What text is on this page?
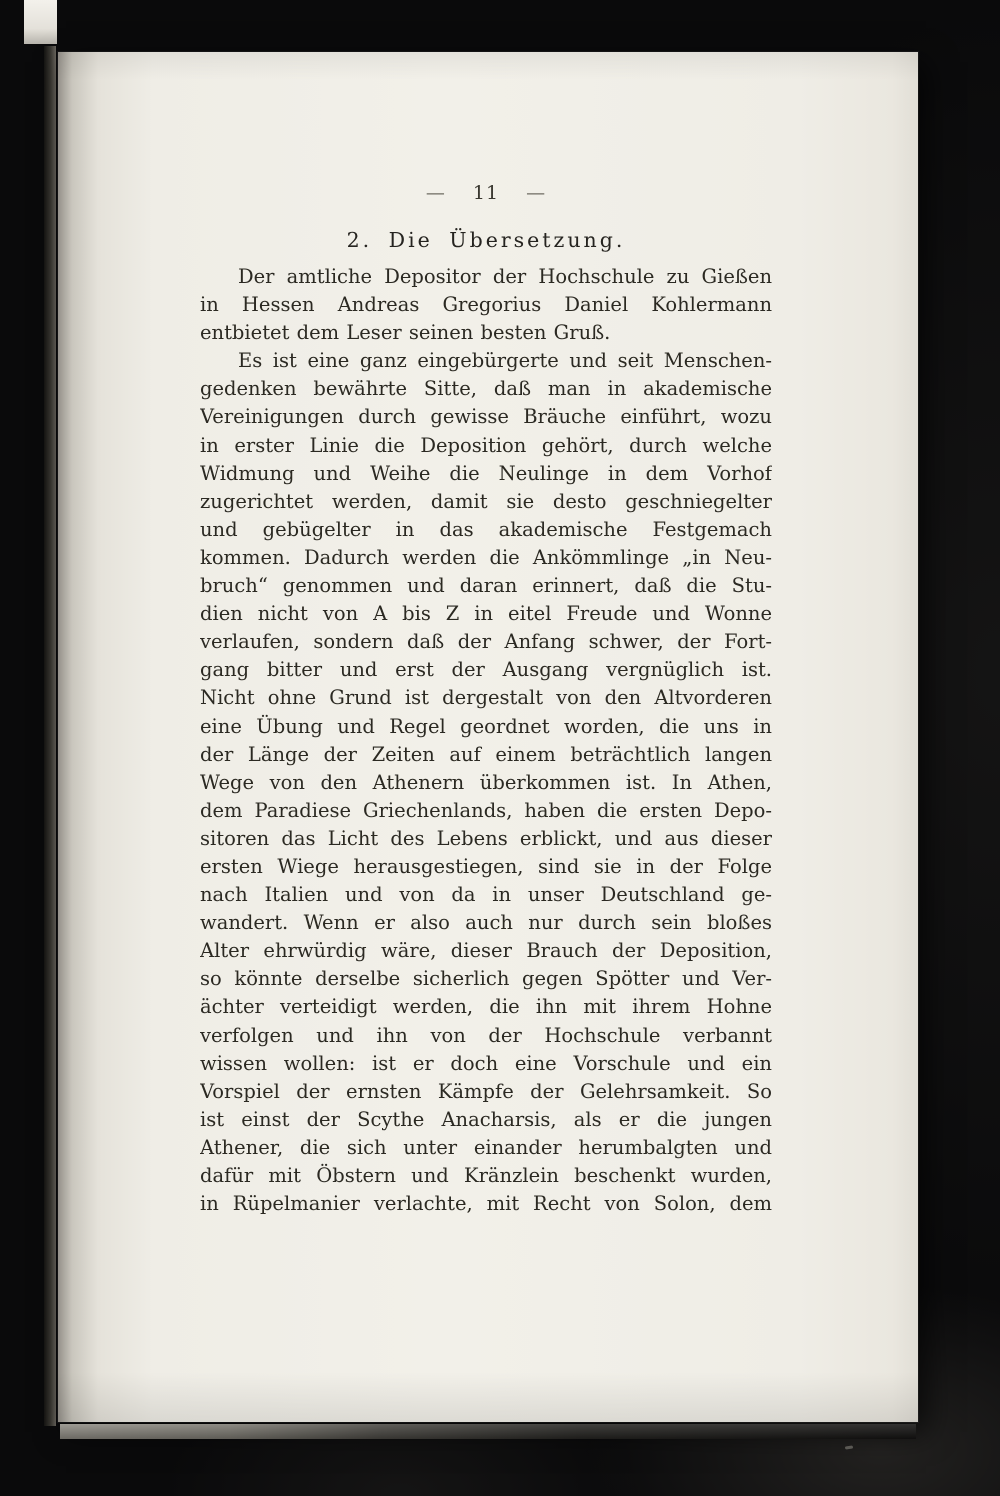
— 11 —
2. Die Übersetzung.
Der amtliche Depositor der Hochschule zu Gießen
in Hessen Andreas Gregorius Daniel Kohlermann
entbietet dem Leser seinen besten Gruß.
Es ist eine ganz eingebürgerte und seit Menschen-
gedenken bewährte Sitte, daß man in akademische
Vereinigungen durch gewisse Bräuche einführt, wozu
in erster Linie die Deposition gehört, durch welche
Widmung und Weihe die Neulinge in dem Vorhof
zugerichtet werden, damit sie desto geschniegelter
und gebügelter in das akademische Festgemach
kommen. Dadurch werden die Ankömmlinge „in Neu-
bruch“ genommen und daran erinnert, daß die Stu-
dien nicht von A bis Z in eitel Freude und Wonne
verlaufen, sondern daß der Anfang schwer, der Fort-
gang bitter und erst der Ausgang vergnüglich ist.
Nicht ohne Grund ist dergestalt von den Altvorderen
eine Übung und Regel geordnet worden, die uns in
der Länge der Zeiten auf einem beträchtlich langen
Wege von den Athenern überkommen ist. In Athen,
dem Paradiese Griechenlands, haben die ersten Depo-
sitoren das Licht des Lebens erblickt, und aus dieser
ersten Wiege herausgestiegen, sind sie in der Folge
nach Italien und von da in unser Deutschland ge-
wandert. Wenn er also auch nur durch sein bloßes
Alter ehrwürdig wäre, dieser Brauch der Deposition,
so könnte derselbe sicherlich gegen Spötter und Ver-
ächter verteidigt werden, die ihn mit ihrem Hohne
verfolgen und ihn von der Hochschule verbannt
wissen wollen: ist er doch eine Vorschule und ein
Vorspiel der ernsten Kämpfe der Gelehrsamkeit. So
ist einst der Scythe Anacharsis, als er die jungen
Athener, die sich unter einander herumbalgten und
dafür mit Öbstern und Kränzlein beschenkt wurden,
in Rüpelmanier verlachte, mit Recht von Solon, dem
